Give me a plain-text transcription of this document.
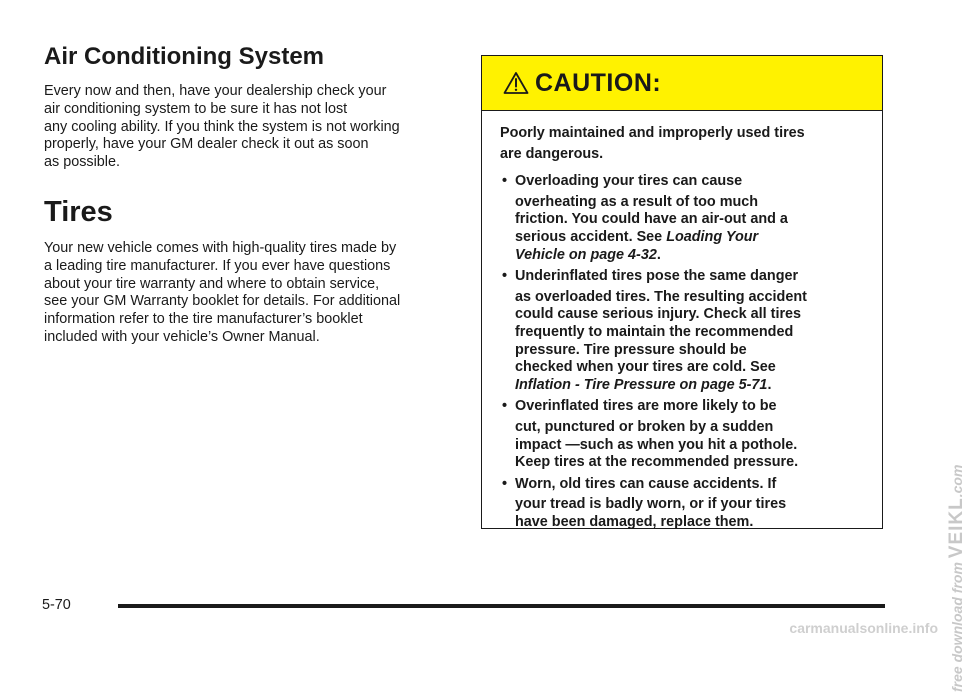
Air Conditioning System

Every now and then, have your dealership check your
air conditioning system to be sure it has not lost
any cooling ability. If you think the system is not working
properly, have your GM dealer check it out as soon
as possible.

Tires

Your new vehicle comes with high-quality tires made by
a leading tire manufacturer. If you ever have questions
about your tire warranty and where to obtain service,
see your GM Warranty booklet for details. For additional
information refer to the tire manufacturer’s booklet
included with your vehicle’s Owner Manual.

CAUTION:
Poorly maintained and improperly used tires
are dangerous.
• Overloading your tires can cause
overheating as a result of too much
friction. You could have an air-out and a
serious accident. See Loading Your
Vehicle on page 4-32.
• Underinflated tires pose the same danger
as overloaded tires. The resulting accident
could cause serious injury. Check all tires
frequently to maintain the recommended
pressure. Tire pressure should be
checked when your tires are cold. See
Inflation - Tire Pressure on page 5-71.
• Overinflated tires are more likely to be
cut, punctured or broken by a sudden
impact —such as when you hit a pothole.
Keep tires at the recommended pressure.
• Worn, old tires can cause accidents. If
your tread is badly worn, or if your tires
have been damaged, replace them.
5-70	free download from VEIKL.com
carmanualsonline.info
